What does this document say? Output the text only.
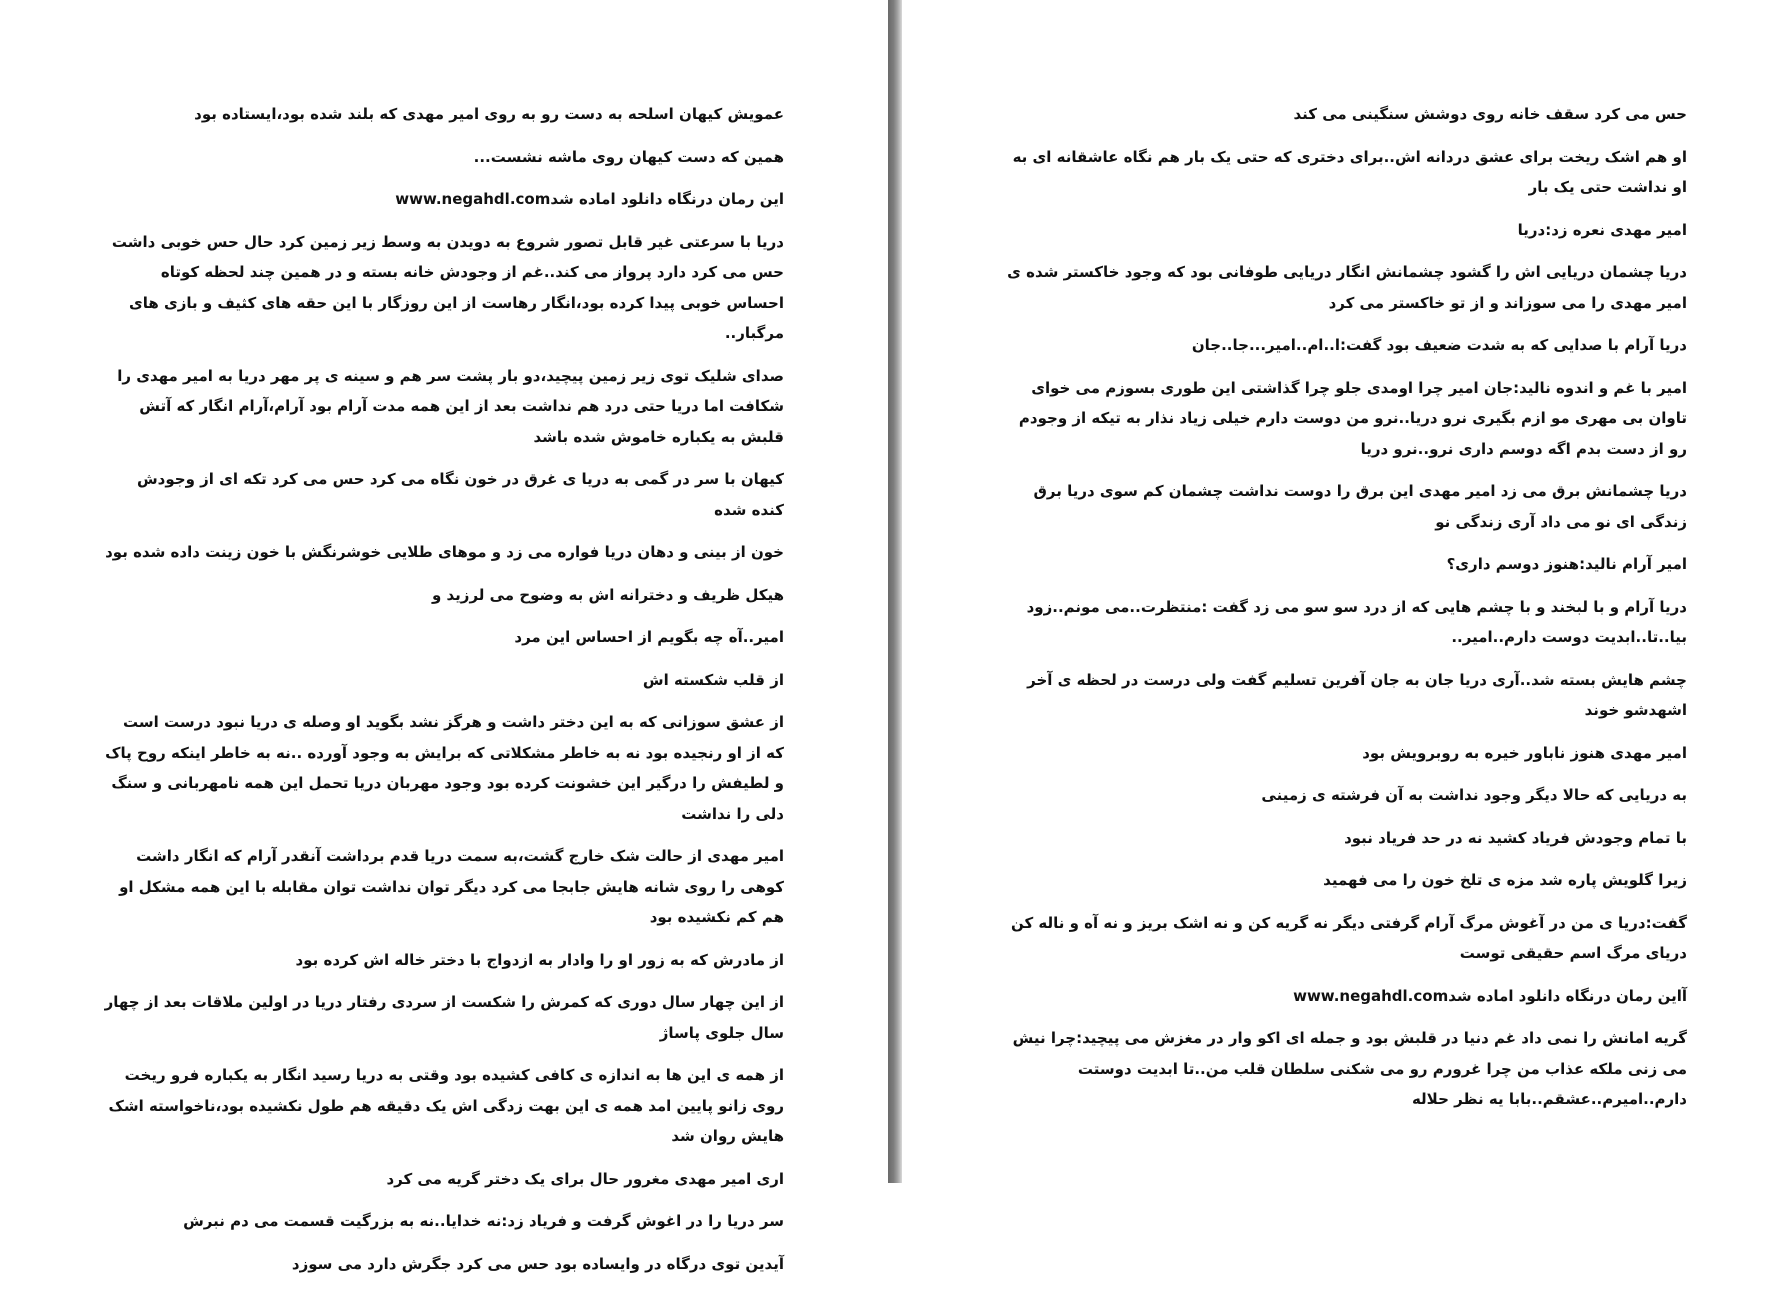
عمویش کیهان اسلحه به دست رو به روی امیر مهدی که بلند شده بود،ایستاده بود

همین که دست کیهان روی ماشه نشست...

این رمان درنگاه دانلود اماده شدwww.negahdl.com

دریا با سرعتی غیر قابل تصور شروع به دویدن به وسط زیر زمین کرد حال حس خوبی داشت حس می کرد دارد پرواز می کند..غم از وجودش خانه بسته و در همین چند لحظه کوتاه احساس خوبی پیدا کرده بود،انگار رهاست از این روزگار با این حقه های کثیف و بازی های مرگبار..

صدای شلیک توی زیر زمین پیچید،دو بار پشت سر هم و سینه ی پر مهر دریا به امیر مهدی را شکافت اما دریا حتی درد هم نداشت بعد از این همه مدت آرام بود آرام،آرام انگار که آتش قلبش به یکباره خاموش شده باشد

کیهان با سر در گمی به دریا ی غرق در خون نگاه می کرد حس می کرد تکه ای از وجودش کنده شده

خون از بینی و دهان دریا فواره می زد و موهای طلایی خوشرنگش با خون زینت داده شده بود

هیکل ظریف و دخترانه اش به وضوح می لرزید و

امیر..آه چه بگویم از احساس این مرد

از قلب شکسته اش

از عشق سوزانی که به این دختر داشت و هرگز نشد بگوید او وصله ی دریا نبود درست است که از او رنجیده بود نه به خاطر مشکلاتی که برایش به وجود آورده ..نه به خاطر اینکه روح پاک و لطیفش را درگیر این خشونت کرده بود وجود مهربان دریا تحمل این همه نامهربانی و سنگ دلی را نداشت

امیر مهدی از حالت شک خارج گشت،به سمت دریا قدم برداشت آنقدر آرام که انگار داشت کوهی را روی شانه هایش جابجا می کرد دیگر توان نداشت توان مقابله با این همه مشکل او هم کم نکشیده بود

از مادرش که به زور او را وادار به ازدواج با دختر خاله اش کرده بود

از این چهار سال دوری که کمرش را شکست از سردی رفتار دریا در اولین ملاقات بعد از چهار سال جلوی پاساژ

از همه ی این ها به اندازه ی کافی کشیده بود وقتی به دریا رسید انگار به یکباره فرو ریخت روی زانو پایین امد همه ی این بهت زدگی اش یک دقیقه هم طول نکشیده بود،ناخواسته اشک هایش روان شد

اری امیر مهدی مغرور حال برای یک دختر گریه می کرد

سر دریا را در اغوش گرفت و فریاد زد:نه خدایا..نه به بزرگیت قسمت می دم نبرش

آیدین توی درگاه در وایساده بود حس می کرد جگرش دارد می سوزد

حس می کرد سقف خانه روی دوشش سنگینی می کند

او هم اشک ریخت برای عشق دردانه اش..برای دختری که حتی یک بار هم نگاه عاشقانه ای به او نداشت حتی یک بار

امیر مهدی نعره زد:دریا

دریا چشمان دریایی اش را گشود چشمانش انگار دریایی طوفانی بود که وجود خاکستر شده ی امیر مهدی را می سوزاند و از تو خاکستر می کرد

دریا آرام با صدایی که به شدت ضعیف بود گفت:ا..ام..امیر...جا..جان

امیر با غم و اندوه نالید:جان امیر چرا اومدی جلو چرا گذاشتی این طوری بسوزم می خوای تاوان بی مهری مو ازم بگیری نرو دریا..نرو من دوست دارم خیلی زیاد نذار به تیکه از وجودم رو از دست بدم اگه دوسم داری نرو..نرو دریا

دریا چشمانش برق می زد امیر مهدی این برق را دوست نداشت چشمان کم سوی دریا برق زندگی ای نو می داد آری زندگی نو

امیر آرام نالید:هنوز دوسم داری؟

دریا آرام و با لبخند و با چشم هایی که از درد سو سو می زد گفت :منتظرت..می مونم..زود بیا..تا..ابدیت دوست دارم..امیر..

چشم هایش بسته شد..آری دریا جان به جان آفرین تسلیم گفت ولی درست در لحظه ی آخر اشهدشو خوند

امیر مهدی هنوز ناباور خیره به روبرویش بود

به دریایی که حالا دیگر وجود نداشت به آن فرشته ی زمینی

با تمام وجودش فریاد کشید نه در حد فریاد نبود

زیرا گلویش پاره شد مزه ی تلخ خون را می فهمید

گفت:دریا ی من در آغوش مرگ آرام گرفتی دیگر نه گریه کن و نه اشک بریز و نه آه و ناله کن دریای مرگ اسم حقیقی توست

آاین رمان درنگاه دانلود اماده شدwww.negahdl.com

گریه امانش را نمی داد غم دنیا در قلبش بود و جمله ای اکو وار در مغزش می پیچید:چرا نیش می زنی ملکه عذاب من چرا غرورم رو می شکنی سلطان قلب من..تا ابدیت دوستت دارم..امیرم..عشقم..بابا یه نظر حلاله
